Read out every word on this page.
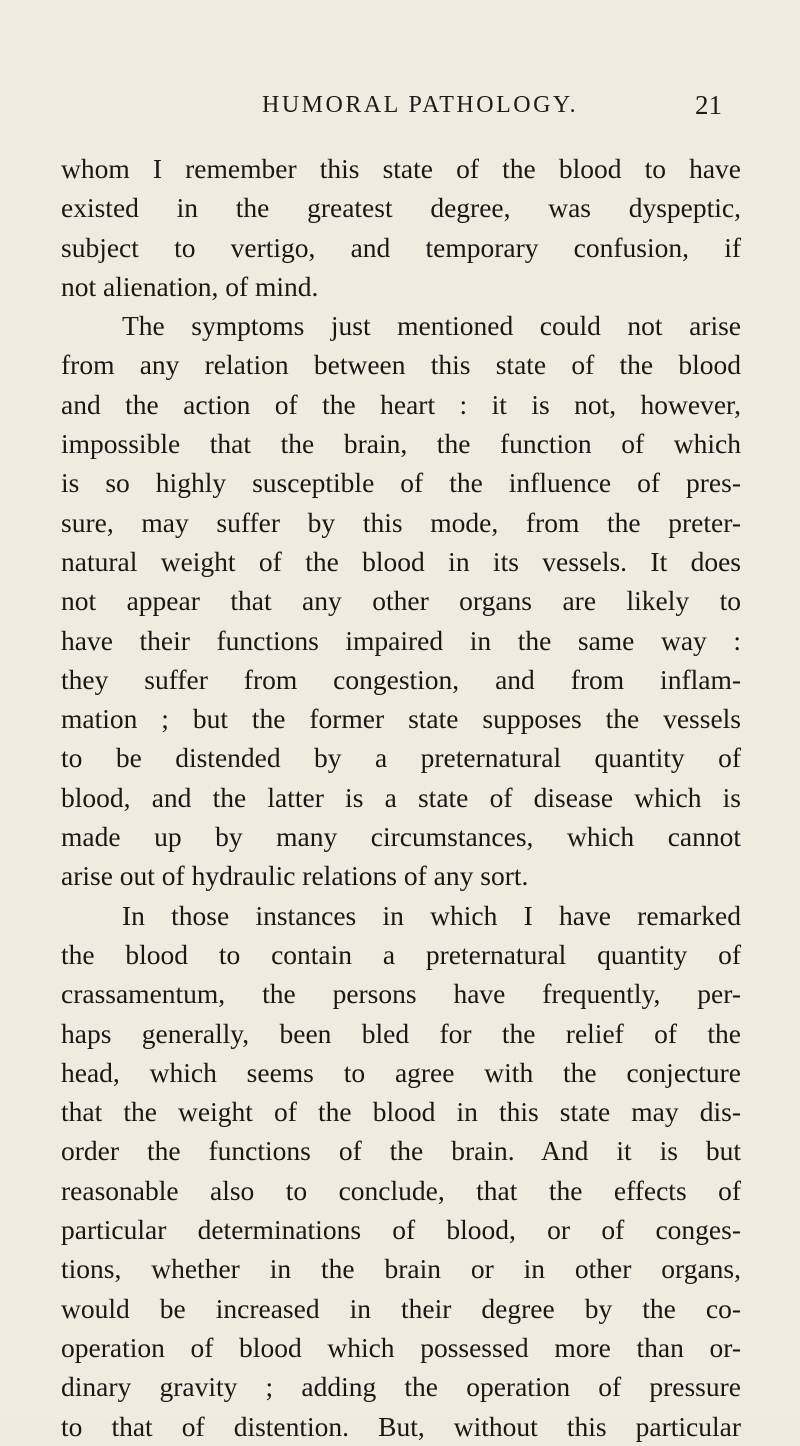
HUMORAL PATHOLOGY.	21
whom I remember this state of the blood to have
existed in the greatest degree, was dyspeptic,
subject to vertigo, and temporary confusion, if
not alienation, of mind.
The symptoms just mentioned could not arise
from any relation between this state of the blood
and the action of the heart : it is not, however,
impossible that the brain, the function of which
is so highly susceptible of the influence of pres-
sure, may suffer by this mode, from the preter-
natural weight of the blood in its vessels. It does
not appear that any other organs are likely to
have their functions impaired in the same way :
they suffer from congestion, and from inflam-
mation ; but the former state supposes the vessels
to be distended by a preternatural quantity of
blood, and the latter is a state of disease which is
made up by many circumstances, which cannot
arise out of hydraulic relations of any sort.
In those instances in which I have remarked
the blood to contain a preternatural quantity of
crassamentum, the persons have frequently, per-
haps generally, been bled for the relief of the
head, which seems to agree with the conjecture
that the weight of the blood in this state may dis-
order the functions of the brain. And it is but
reasonable also to conclude, that the effects of
particular determinations of blood, or of conges-
tions, whether in the brain or in other organs,
would be increased in their degree by the co-
operation of blood which possessed more than or-
dinary gravity ; adding the operation of pressure
to that of distention. But, without this particular
